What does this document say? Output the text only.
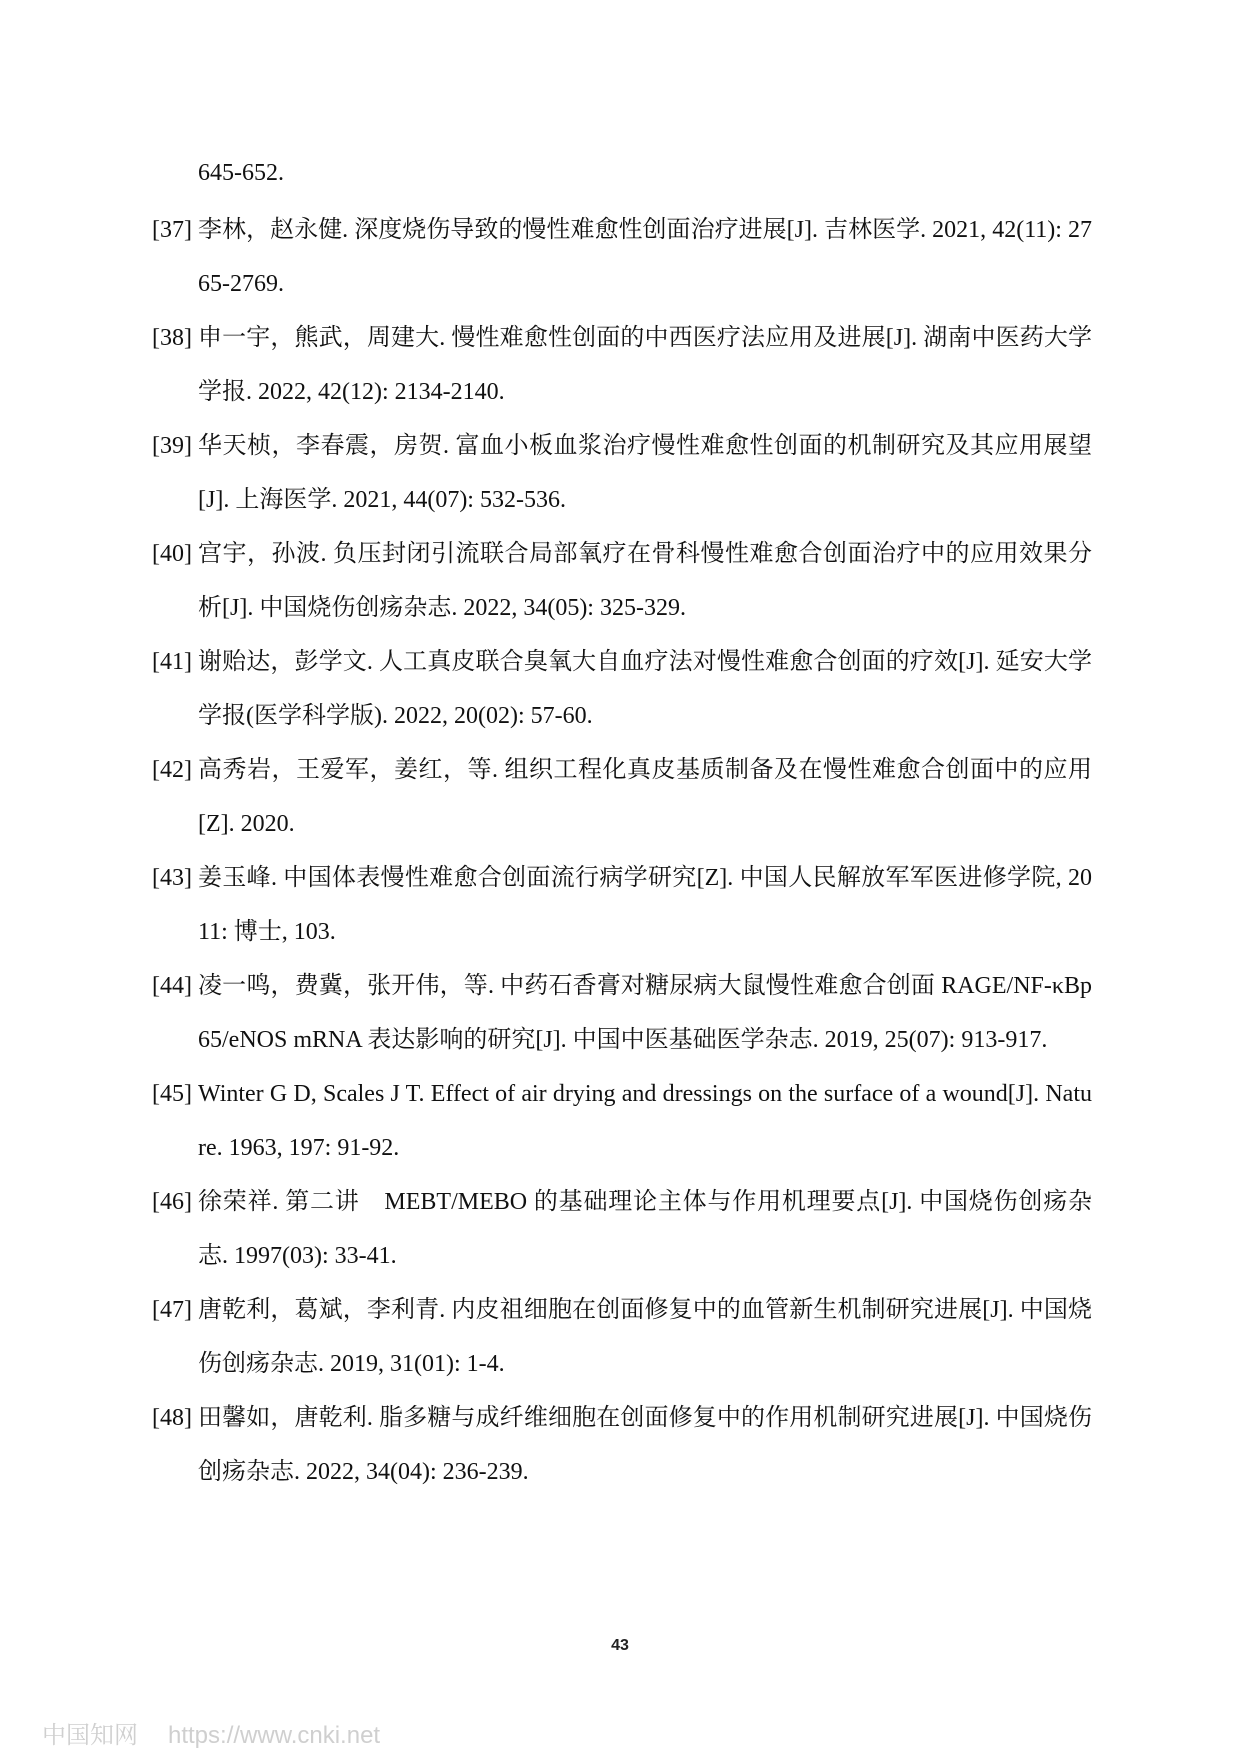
645-652.
[37] 李林，赵永健. 深度烧伤导致的慢性难愈性创面治疗进展[J]. 吉林医学. 2021, 42(11): 2765-2769.
[38] 申一宇，熊武，周建大. 慢性难愈性创面的中西医疗法应用及进展[J]. 湖南中医药大学学报. 2022, 42(12): 2134-2140.
[39] 华天桢，李春震，房贺. 富血小板血浆治疗慢性难愈性创面的机制研究及其应用展望[J]. 上海医学. 2021, 44(07): 532-536.
[40] 宫宇，孙波. 负压封闭引流联合局部氧疗在骨科慢性难愈合创面治疗中的应用效果分析[J]. 中国烧伤创疡杂志. 2022, 34(05): 325-329.
[41] 谢贻达，彭学文. 人工真皮联合臭氧大自血疗法对慢性难愈合创面的疗效[J]. 延安大学学报(医学科学版). 2022, 20(02): 57-60.
[42] 高秀岩，王爱军，姜红，等. 组织工程化真皮基质制备及在慢性难愈合创面中的应用[Z]. 2020.
[43] 姜玉峰. 中国体表慢性难愈合创面流行病学研究[Z]. 中国人民解放军军医进修学院, 2011: 博士, 103.
[44] 凌一鸣，费冀，张开伟，等. 中药石香膏对糖尿病大鼠慢性难愈合创面 RAGE/NF-κBp65/eNOS mRNA 表达影响的研究[J]. 中国中医基础医学杂志. 2019, 25(07): 913-917.
[45] Winter G D, Scales J T. Effect of air drying and dressings on the surface of a wound[J]. Nature. 1963, 197: 91-92.
[46] 徐荣祥. 第二讲　MEBT/MEBO 的基础理论主体与作用机理要点[J]. 中国烧伤创疡杂志. 1997(03): 33-41.
[47] 唐乾利，葛斌，李利青. 内皮祖细胞在创面修复中的血管新生机制研究进展[J]. 中国烧伤创疡杂志. 2019, 31(01): 1-4.
[48] 田馨如，唐乾利. 脂多糖与成纤维细胞在创面修复中的作用机制研究进展[J]. 中国烧伤创疡杂志. 2022, 34(04): 236-239.
43
中国知网 https://www.cnki.net
